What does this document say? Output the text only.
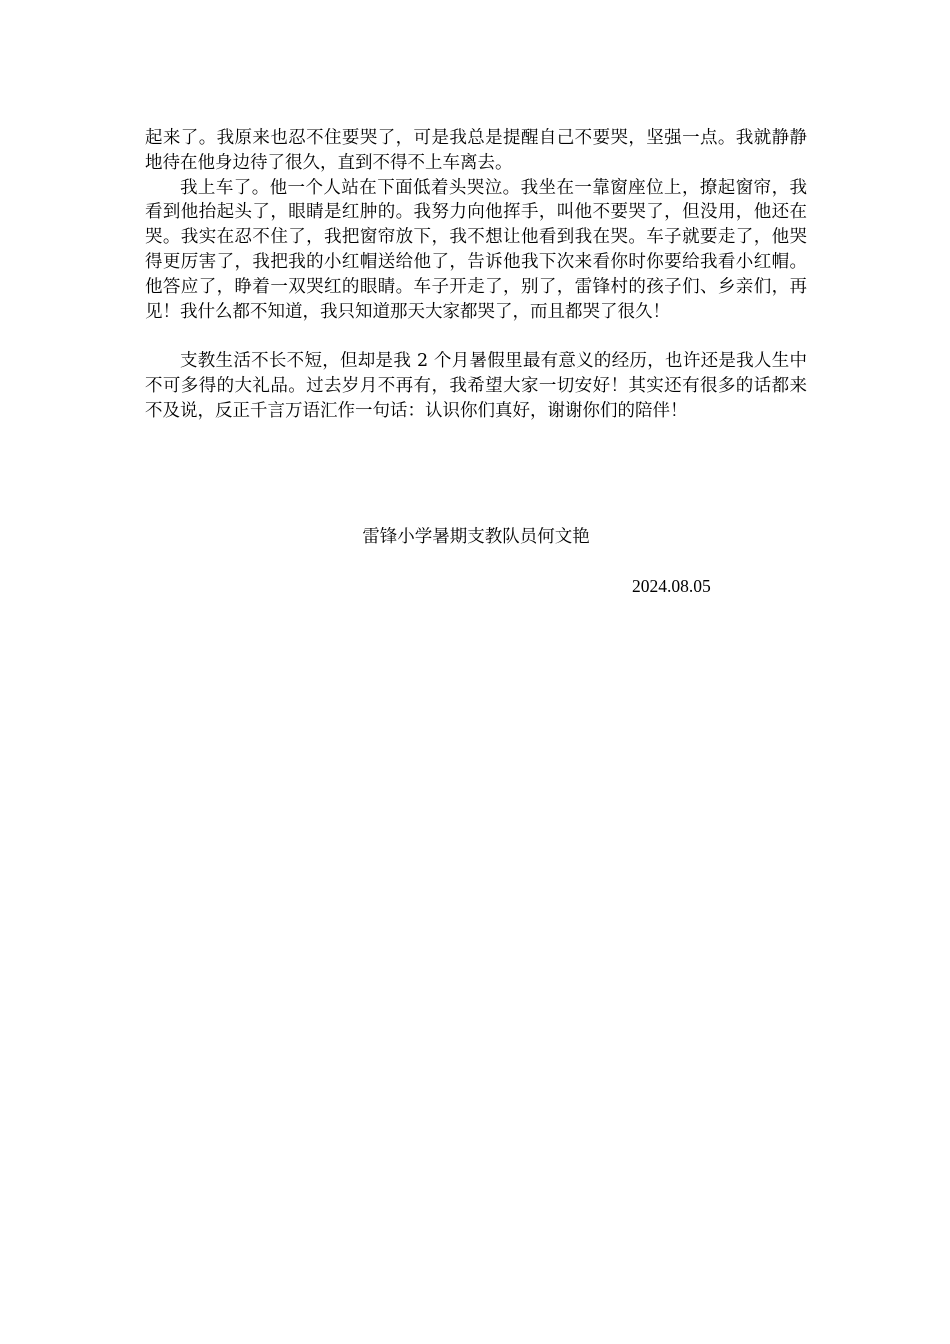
起来了。我原来也忍不住要哭了，可是我总是提醒自己不要哭，坚强一点。我就静静地待在他身边待了很久，直到不得不上车离去。

我上车了。他一个人站在下面低着头哭泣。我坐在一靠窗座位上，撩起窗帘，我看到他抬起头了，眼睛是红肿的。我努力向他挥手，叫他不要哭了，但没用，他还在哭。我实在忍不住了，我把窗帘放下，我不想让他看到我在哭。车子就要走了，他哭得更厉害了，我把我的小红帽送给他了，告诉他我下次来看你时你要给我看小红帽。他答应了，睁着一双哭红的眼睛。车子开走了，别了，雷锋村的孩子们、乡亲们，再见！我什么都不知道，我只知道那天大家都哭了，而且都哭了很久！

支教生活不长不短，但却是我 2 个月暑假里最有意义的经历，也许还是我人生中不可多得的大礼品。过去岁月不再有，我希望大家一切安好！其实还有很多的话都来不及说，反正千言万语汇作一句话：认识你们真好，谢谢你们的陪伴！

雷锋小学暑期支教队员何文艳
2024.08.05
